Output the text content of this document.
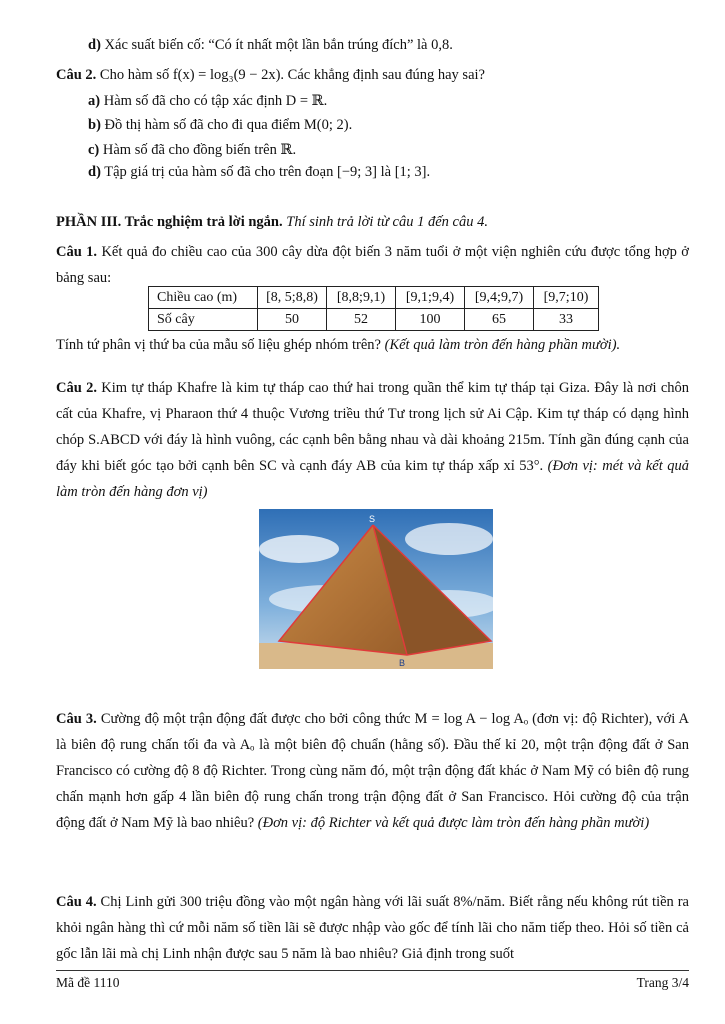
d) Xác suất biến cố: “Có ít nhất một lần bắn trúng đích” là 0,8.
Câu 2. Cho hàm số f(x) = log₃(9 − 2x). Các khẳng định sau đúng hay sai?
a) Hàm số đã cho có tập xác định D = ℝ.
b) Đồ thị hàm số đã cho đi qua điểm M(0; 2).
c) Hàm số đã cho đồng biến trên ℝ.
d) Tập giá trị của hàm số đã cho trên đoạn [−9; 3] là [1; 3].
PHẦN III. Trắc nghiệm trả lời ngắn. Thí sinh trả lời từ câu 1 đến câu 4.
Câu 1. Kết quả đo chiều cao của 300 cây dừa đột biến 3 năm tuổi ở một viện nghiên cứu được tổng hợp ở bảng sau:
Chiều cao (m)	[8, 5;8,8)	[8,8;9,1)	[9,1;9,4)	[9,4;9,7)	[9,7;10)
Số cây	50	52	100	65	33
Tính tứ phân vị thứ ba của mẫu số liệu ghép nhóm trên? (Kết quả làm tròn đến hàng phần mười).
Câu 2. Kim tự tháp Khafre là kim tự tháp cao thứ hai trong quần thể kim tự tháp tại Giza. Đây là nơi chôn cất của Khafre, vị Pharaon thứ 4 thuộc Vương triều thứ Tư trong lịch sử Ai Cập. Kim tự tháp có dạng hình chóp S.ABCD với đáy là hình vuông, các cạnh bên bằng nhau và dài khoảng 215m. Tính gần đúng cạnh của đáy khi biết góc tạo bởi cạnh bên SC và cạnh đáy AB của kim tự tháp xấp xỉ 53°. (Đơn vị: mét và kết quả làm tròn đến hàng đơn vị)
S
B
Câu 3. Cường độ một trận động đất được cho bởi công thức M = log A − log Aₒ (đơn vị: độ Richter), với A là biên độ rung chấn tối đa và Aₒ là một biên độ chuẩn (hằng số). Đầu thế kỉ 20, một trận động đất ở San Francisco có cường độ 8 độ Richter. Trong cùng năm đó, một trận động đất khác ở Nam Mỹ có biên độ rung chấn mạnh hơn gấp 4 lần biên độ rung chấn trong trận động đất ở San Francisco. Hỏi cường độ của trận động đất ở Nam Mỹ là bao nhiêu? (Đơn vị: độ Richter và kết quả được làm tròn đến hàng phần mười)
Câu 4. Chị Linh gửi 300 triệu đồng vào một ngân hàng với lãi suất 8%/năm. Biết rằng nếu không rút tiền ra khỏi ngân hàng thì cứ mỗi năm số tiền lãi sẽ được nhập vào gốc để tính lãi cho năm tiếp theo. Hỏi số tiền cả gốc lẫn lãi mà chị Linh nhận được sau 5 năm là bao nhiêu? Giả định trong suốt
Mã đề 1110	Trang 3/4
